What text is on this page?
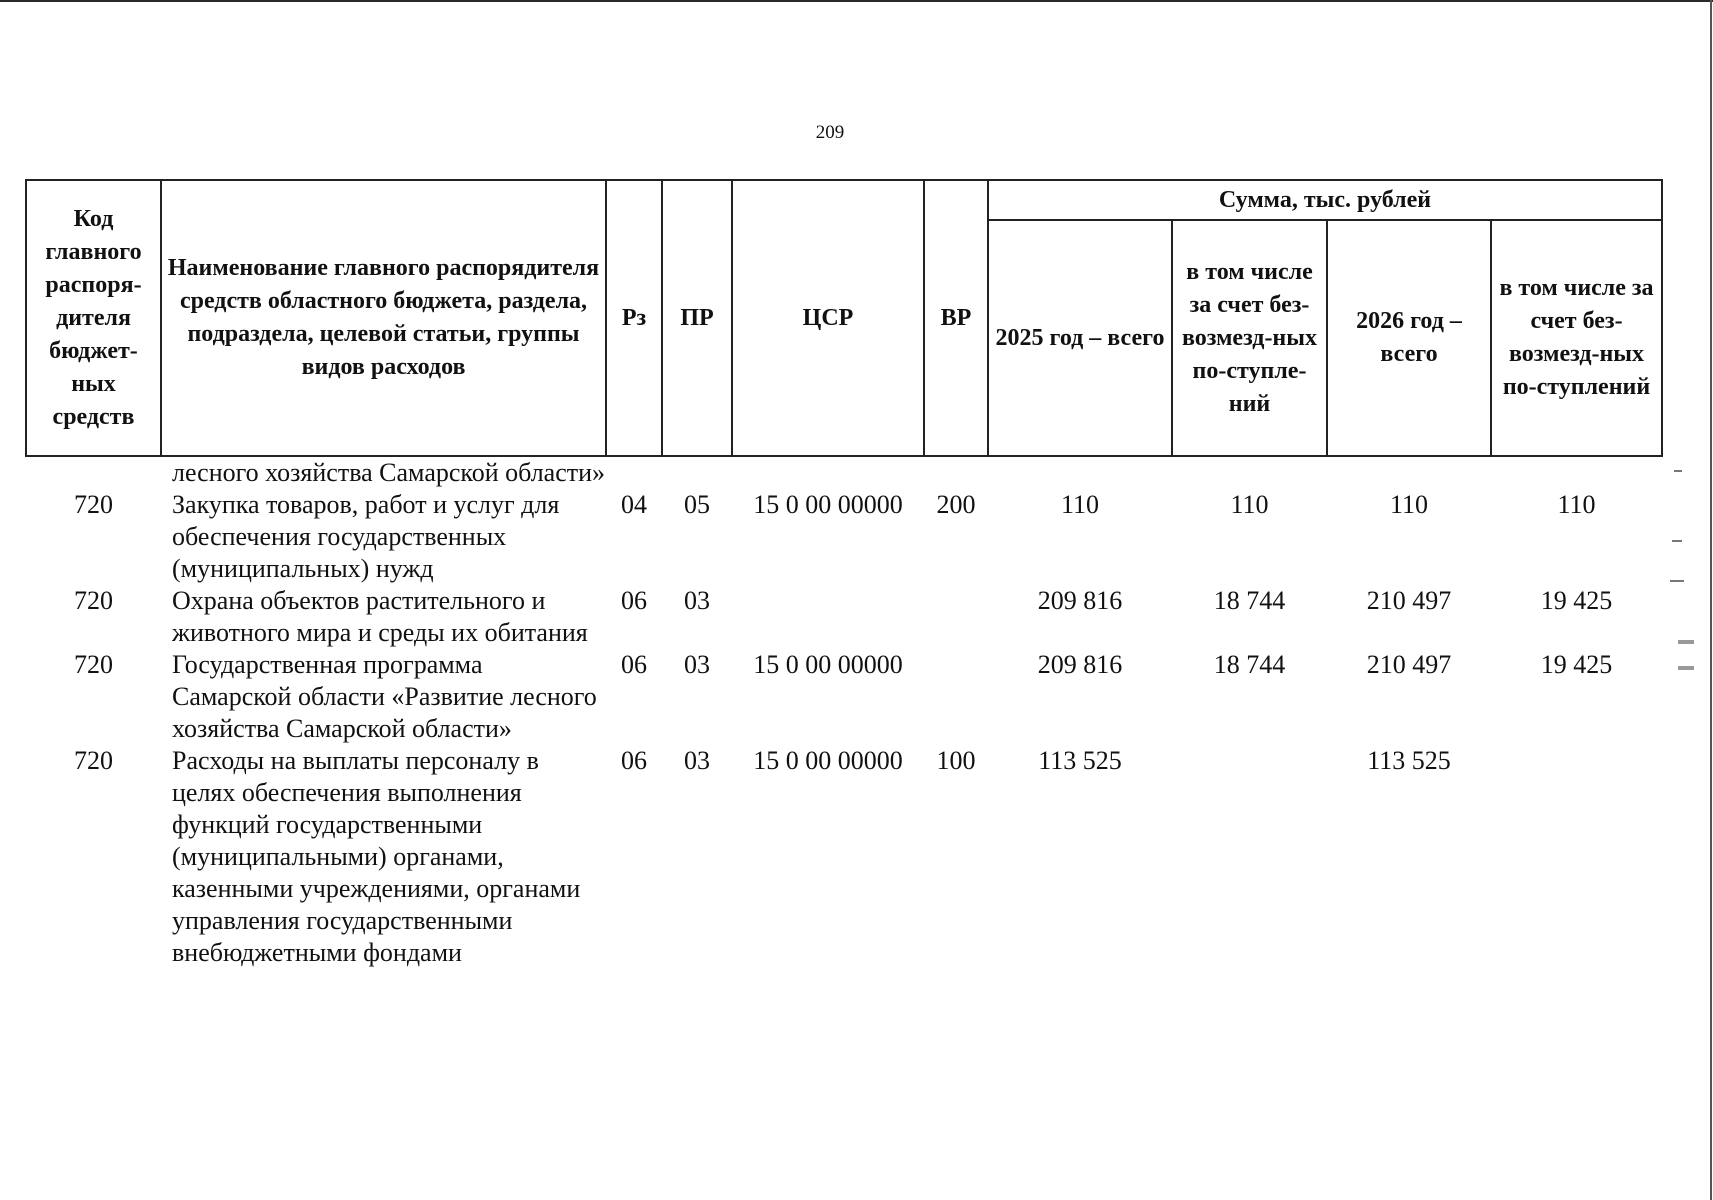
209
Код главного распоря-дителя бюджет-ных средств	Наименование главного распорядителя средств областного бюджета, раздела, подраздела, целевой статьи, группы видов расходов	Рз	ПР	ЦСР	ВР	Сумма, тыс. рублей			
						2025 год – всего	в том числе за счет без-возмезд-ных по-ступле-ний	2026 год – всего	в том числе за счет без-возмезд-ных по-ступлений
	лесного хозяйства Самарской области»								
720	Закупка товаров, работ и услуг для обеспечения государственных (муниципальных) нужд	04	05	15 0 00 00000	200	110	110	110	110
720	Охрана объектов растительного и животного мира и среды их обитания	06	03			209 816	18 744	210 497	19 425
720	Государственная программа Самарской области «Развитие лесного хозяйства Самарской области»	06	03	15 0 00 00000		209 816	18 744	210 497	19 425
720	Расходы на выплаты персоналу в целях обеспечения выполнения функций государственными (муниципальными) органами, казенными учреждениями, органами управления государственными внебюджетными фондами	06	03	15 0 00 00000	100	113 525		113 525	
